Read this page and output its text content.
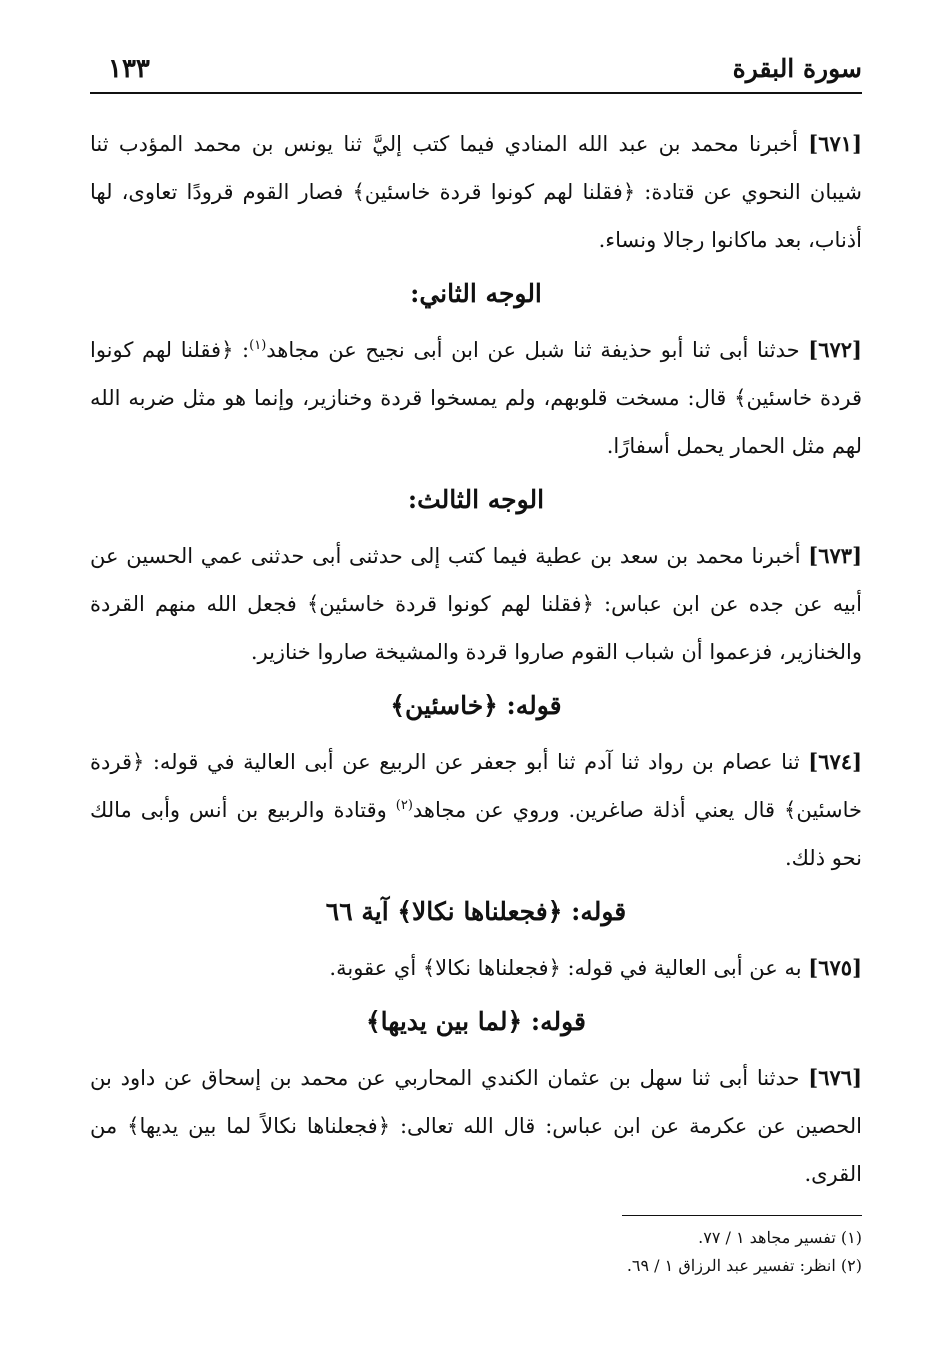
سورة البقرة
١٣٣

[٦٧١] أخبرنا محمد بن عبد الله المنادي فيما كتب إليَّ ثنا يونس بن محمد المؤدب ثنا شيبان النحوي عن قتادة: ﴿فقلنا لهم كونوا قردة خاسئين﴾ فصار القوم قرودًا تعاوى، لها أذناب، بعد ماكانوا رجالا ونساء.

الوجه الثاني:

[٦٧٢] حدثنا أبى ثنا أبو حذيفة ثنا شبل عن ابن أبى نجيح عن مجاهد$^{(١)}$: ﴿فقلنا لهم كونوا قردة خاسئين﴾ قال: مسخت قلوبهم، ولم يمسخوا قردة وخنازير، وإنما هو مثل ضربه الله لهم مثل الحمار يحمل أسفارًا.

الوجه الثالث:

[٦٧٣] أخبرنا محمد بن سعد بن عطية فيما كتب إلى حدثنى أبى حدثنى عمي الحسين عن أبيه عن جده عن ابن عباس: ﴿فقلنا لهم كونوا قردة خاسئين﴾ فجعل الله منهم القردة والخنازير، فزعموا أن شباب القوم صاروا قردة والمشيخة صاروا خنازير.

قوله: ﴿خاسئين﴾

[٦٧٤] ثنا عصام بن رواد ثنا آدم ثنا أبو جعفر عن الربيع عن أبى العالية في قوله: ﴿قردة خاسئين﴾ قال يعني أذلة صاغرين. وروي عن مجاهد$^{(٢)}$ وقتادة والربيع بن أنس وأبى مالك نحو ذلك.

قوله: ﴿فجعلناها نكالا﴾ آية ٦٦

[٦٧٥] به عن أبى العالية في قوله: ﴿فجعلناها نكالا﴾ أي عقوبة.

قوله: ﴿لما بين يديها﴾

[٦٧٦] حدثنا أبى ثنا سهل بن عثمان الكندي المحاربي عن محمد بن إسحاق عن داود بن الحصين عن عكرمة عن ابن عباس: قال الله تعالى: ﴿فجعلناها نكالاً لما بين يديها﴾ من القرى.

(١) تفسير مجاهد ١ / ٧٧.
(٢) انظر: تفسير عبد الرزاق ١ / ٦٩.
